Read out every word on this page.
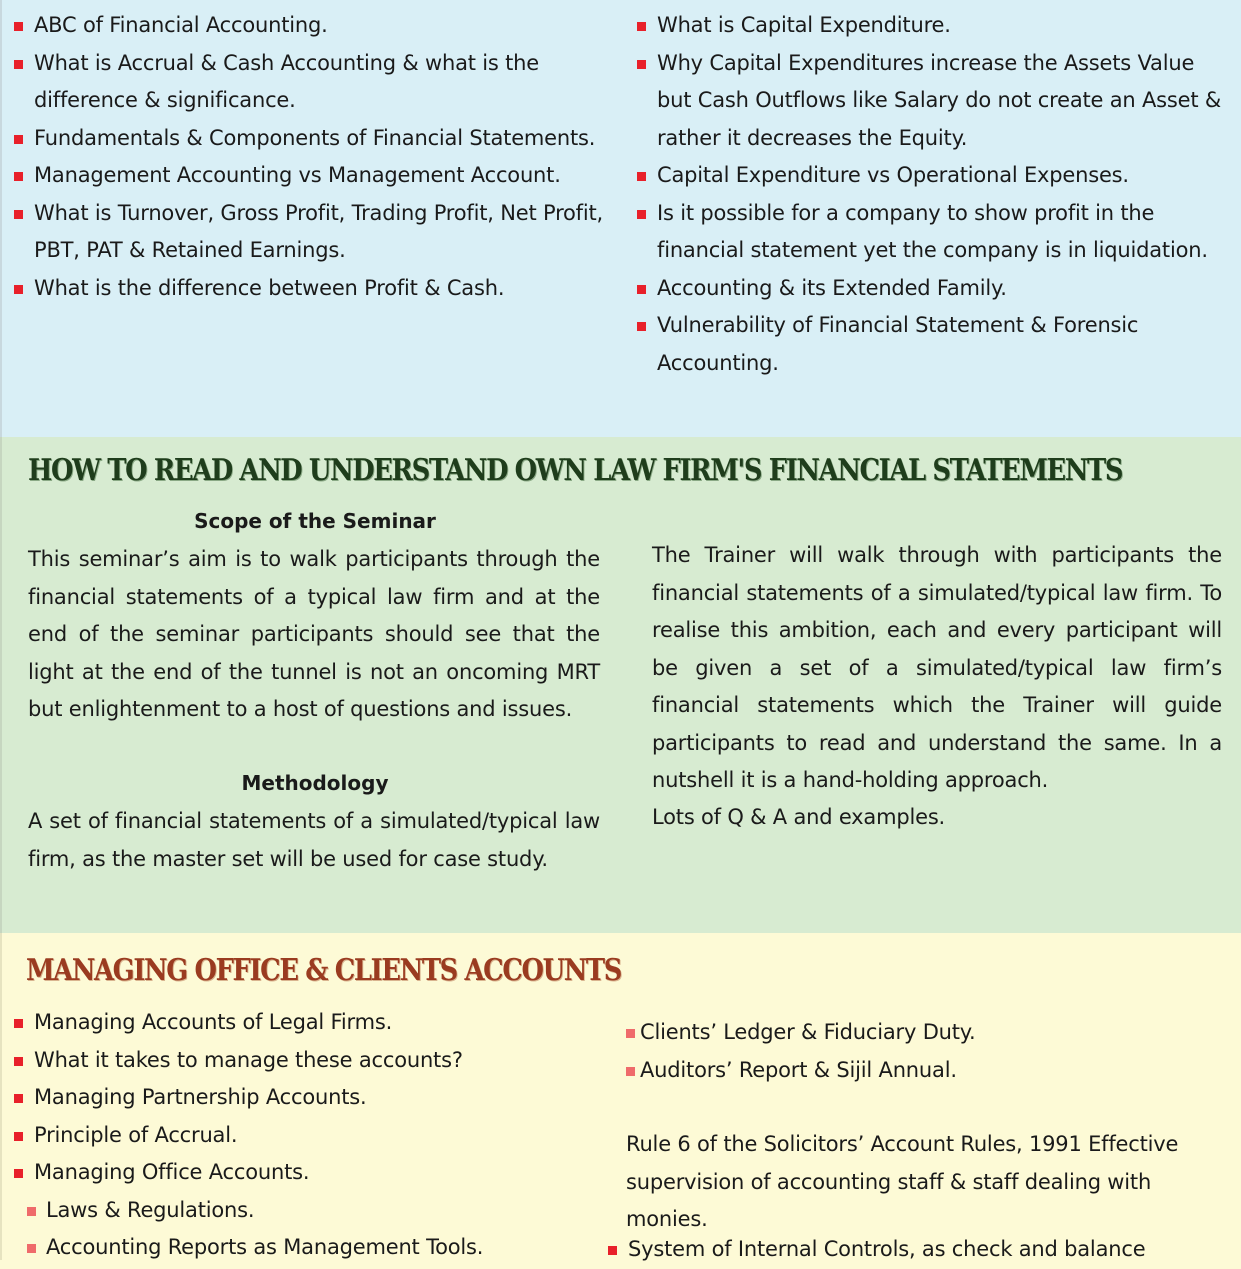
ABC of Financial Accounting.
What is Accrual & Cash Accounting & what is the difference & significance.
Fundamentals & Components of Financial Statements.
Management Accounting vs Management Account.
What is Turnover, Gross Profit, Trading Profit, Net Profit, PBT, PAT & Retained Earnings.
What is the difference between Profit & Cash.
What is Capital Expenditure.
Why Capital Expenditures increase the Assets Value but Cash Outflows like Salary do not create an Asset & rather it decreases the Equity.
Capital Expenditure vs Operational Expenses.
Is it possible for a company to show profit in the financial statement yet the company is in liquidation.
Accounting & its Extended Family.
Vulnerability of Financial Statement & Forensic Accounting.
HOW TO READ AND UNDERSTAND OWN LAW FIRM'S FINANCIAL STATEMENTS
Scope of the Seminar
This seminar’s aim is to walk participants through the financial statements of a typical law firm and at the end of the seminar participants should see that the light at the end of the tunnel is not an oncoming MRT but enlightenment to a host of questions and issues.
Methodology
A set of financial statements of a simulated/typical law firm, as the master set will be used for case study.
The Trainer will walk through with participants the financial statements of a simulated/typical law firm. To realise this ambition, each and every participant will be given a set of a simulated/typical law firm’s financial statements which the Trainer will guide participants to read and understand the same. In a nutshell it is a hand-holding approach.
Lots of Q & A and examples.
MANAGING OFFICE & CLIENTS ACCOUNTS
Managing Accounts of Legal Firms.
What it takes to manage these accounts?
Managing Partnership Accounts.
Principle of Accrual.
Managing Office Accounts.
Laws & Regulations.
Accounting Reports as Management Tools.
Clients’ Ledger & Fiduciary Duty.
Auditors’ Report & Sijil Annual.
Rule 6 of the Solicitors’ Account Rules, 1991 Effective supervision of accounting staff & staff dealing with monies.
System of Internal Controls, as check and balance
